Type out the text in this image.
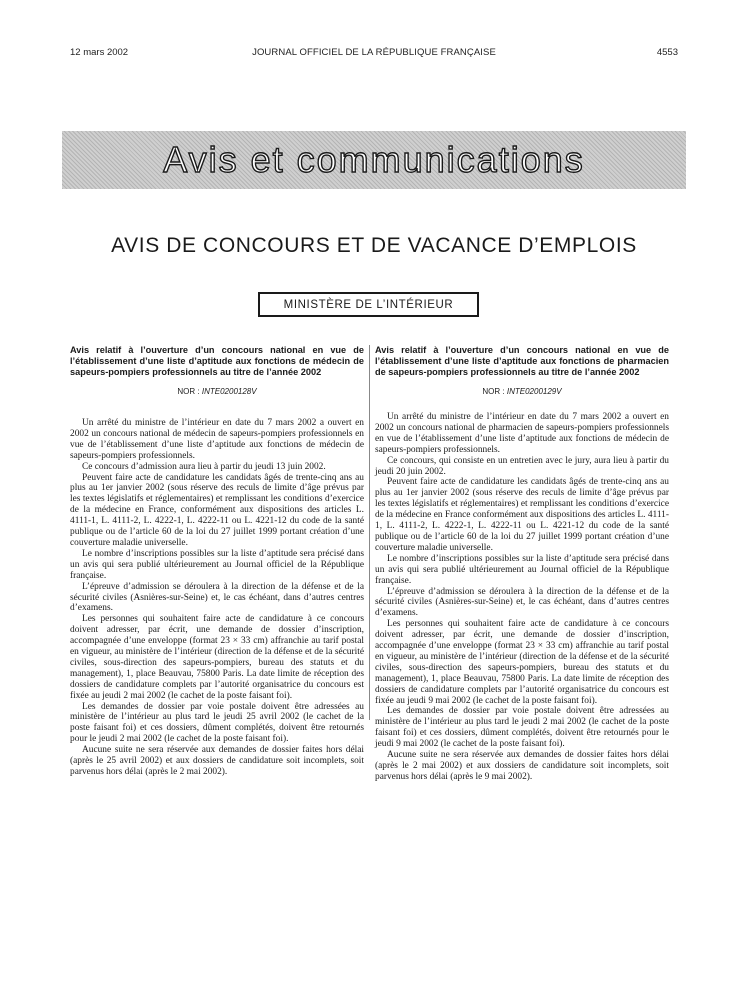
12 mars 2002	JOURNAL OFFICIEL DE LA RÉPUBLIQUE FRANÇAISE	4553
Avis et communications
AVIS DE CONCOURS ET DE VACANCE D’EMPLOIS
MINISTÈRE DE L’INTÉRIEUR
Avis relatif à l’ouverture d’un concours national en vue de l’établissement d’une liste d’aptitude aux fonctions de médecin de sapeurs-pompiers professionnels au titre de l’année 2002
NOR : INTE0200128V

Un arrêté du ministre de l’intérieur en date du 7 mars 2002 a ouvert en 2002 un concours national de médecin de sapeurs-pompiers professionnels en vue de l’établissement d’une liste d’aptitude aux fonctions de médecin de sapeurs-pompiers professionnels.

Ce concours d’admission aura lieu à partir du jeudi 13 juin 2002.

Peuvent faire acte de candidature les candidats âgés de trente-cinq ans au plus au 1er janvier 2002 (sous réserve des reculs de limite d’âge prévus par les textes législatifs et réglementaires) et remplissant les conditions d’exercice de la médecine en France, conformément aux dispositions des articles L. 4111-1, L. 4111-2, L. 4222-1, L. 4222-11 ou L. 4221-12 du code de la santé publique ou de l’article 60 de la loi du 27 juillet 1999 portant création d’une couverture maladie universelle.

Le nombre d’inscriptions possibles sur la liste d’aptitude sera précisé dans un avis qui sera publié ultérieurement au Journal officiel de la République française.

L’épreuve d’admission se déroulera à la direction de la défense et de la sécurité civiles (Asnières-sur-Seine) et, le cas échéant, dans d’autres centres d’examens.

Les personnes qui souhaitent faire acte de candidature à ce concours doivent adresser, par écrit, une demande de dossier d’inscription, accompagnée d’une enveloppe (format 23 × 33 cm) affranchie au tarif postal en vigueur, au ministère de l’intérieur (direction de la défense et de la sécurité civiles, sous-direction des sapeurs-pompiers, bureau des statuts et du management), 1, place Beauvau, 75800 Paris. La date limite de réception des dossiers de candidature complets par l’autorité organisatrice du concours est fixée au jeudi 2 mai 2002 (le cachet de la poste faisant foi).

Les demandes de dossier par voie postale doivent être adressées au ministère de l’intérieur au plus tard le jeudi 25 avril 2002 (le cachet de la poste faisant foi) et ces dossiers, dûment complétés, doivent être retournés pour le jeudi 2 mai 2002 (le cachet de la poste faisant foi).

Aucune suite ne sera réservée aux demandes de dossier faites hors délai (après le 25 avril 2002) et aux dossiers de candidature soit incomplets, soit parvenus hors délai (après le 2 mai 2002).

Avis relatif à l’ouverture d’un concours national en vue de l’établissement d’une liste d’aptitude aux fonctions de pharmacien de sapeurs-pompiers professionnels au titre de l’année 2002
NOR : INTE0200129V

Un arrêté du ministre de l’intérieur en date du 7 mars 2002 a ouvert en 2002 un concours national de pharmacien de sapeurs-pompiers professionnels en vue de l’établissement d’une liste d’aptitude aux fonctions de médecin de sapeurs-pompiers professionnels.

Ce concours, qui consiste en un entretien avec le jury, aura lieu à partir du jeudi 20 juin 2002.

Peuvent faire acte de candidature les candidats âgés de trente-cinq ans au plus au 1er janvier 2002 (sous réserve des reculs de limite d’âge prévus par les textes législatifs et réglementaires) et remplissant les conditions d’exercice de la médecine en France conformément aux dispositions des articles L. 4111-1, L. 4111-2, L. 4222-1, L. 4222-11 ou L. 4221-12 du code de la santé publique ou de l’article 60 de la loi du 27 juillet 1999 portant création d’une couverture maladie universelle.

Le nombre d’inscriptions possibles sur la liste d’aptitude sera précisé dans un avis qui sera publié ultérieurement au Journal officiel de la République française.

L’épreuve d’admission se déroulera à la direction de la défense et de la sécurité civiles (Asnières-sur-Seine) et, le cas échéant, dans d’autres centres d’examens.

Les personnes qui souhaitent faire acte de candidature à ce concours doivent adresser, par écrit, une demande de dossier d’inscription, accompagnée d’une enveloppe (format 23 × 33 cm) affranchie au tarif postal en vigueur, au ministère de l’intérieur (direction de la défense et de la sécurité civiles, sous-direction des sapeurs-pompiers, bureau des statuts et du management), 1, place Beauvau, 75800 Paris. La date limite de réception des dossiers de candidature complets par l’autorité organisatrice du concours est fixée au jeudi 9 mai 2002 (le cachet de la poste faisant foi).

Les demandes de dossier par voie postale doivent être adressées au ministère de l’intérieur au plus tard le jeudi 2 mai 2002 (le cachet de la poste faisant foi) et ces dossiers, dûment complétés, doivent être retournés pour le jeudi 9 mai 2002 (le cachet de la poste faisant foi).

Aucune suite ne sera réservée aux demandes de dossier faites hors délai (après le 2 mai 2002) et aux dossiers de candidature soit incomplets, soit parvenus hors délai (après le 9 mai 2002).
